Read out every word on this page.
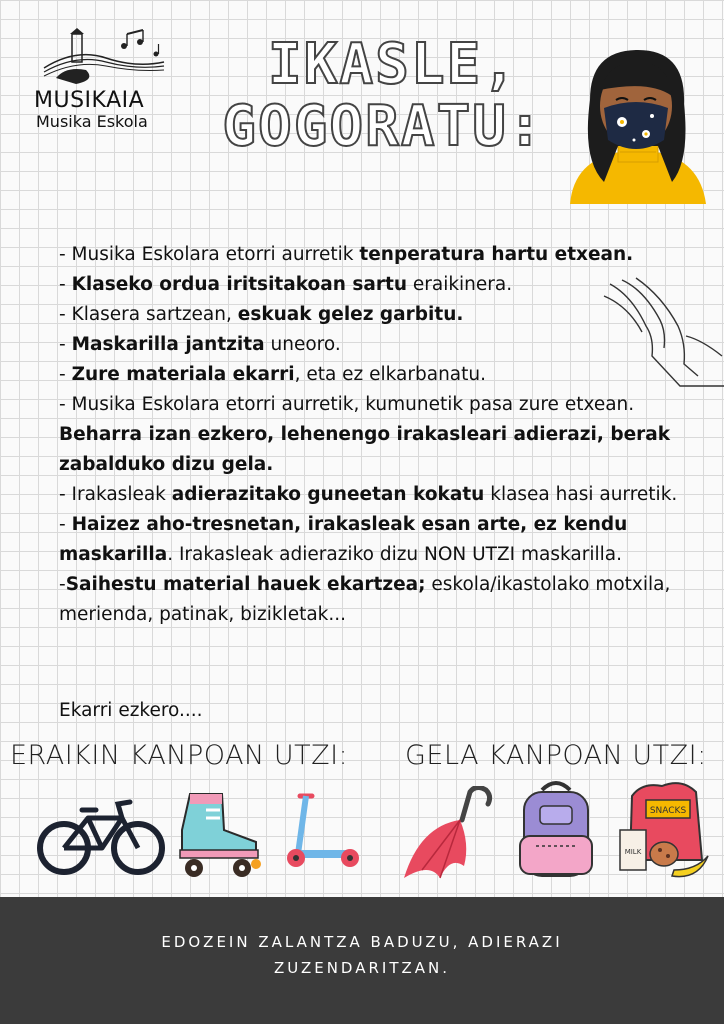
MUSIKAIA
Musika Eskola
IKASLE,
GOGORATU:

- Musika Eskolara etorri aurretik tenperatura hartu etxean.

- Klaseko ordua iritsitakoan sartu eraikinera.

- Klasera sartzean, eskuak gelez garbitu.

- Maskarilla jantzita uneoro.

- Zure materiala ekarri, eta ez elkarbanatu.

- Musika Eskolara etorri aurretik, kumunetik pasa zure etxean. Beharra izan ezkero, lehenengo irakasleari adierazi, berak zabalduko dizu gela.

- Irakasleak adierazitako guneetan kokatu klasea hasi aurretik.

- Haizez aho-tresnetan, irakasleak esan arte, ez kendu maskarilla. Irakasleak adieraziko dizu NON UTZI maskarilla.

-Saihestu material hauek ekartzea; eskola/ikastolako motxila, merienda, patinak, bizikletak...

Ekarri ezkero....
ERAIKIN KANPOAN UTZI: GELA KANPOAN UTZI:
SNACKS
MILK
EDOZEIN ZALANTZA BADUZU, ADIERAZI
ZUZENDARITZAN.
